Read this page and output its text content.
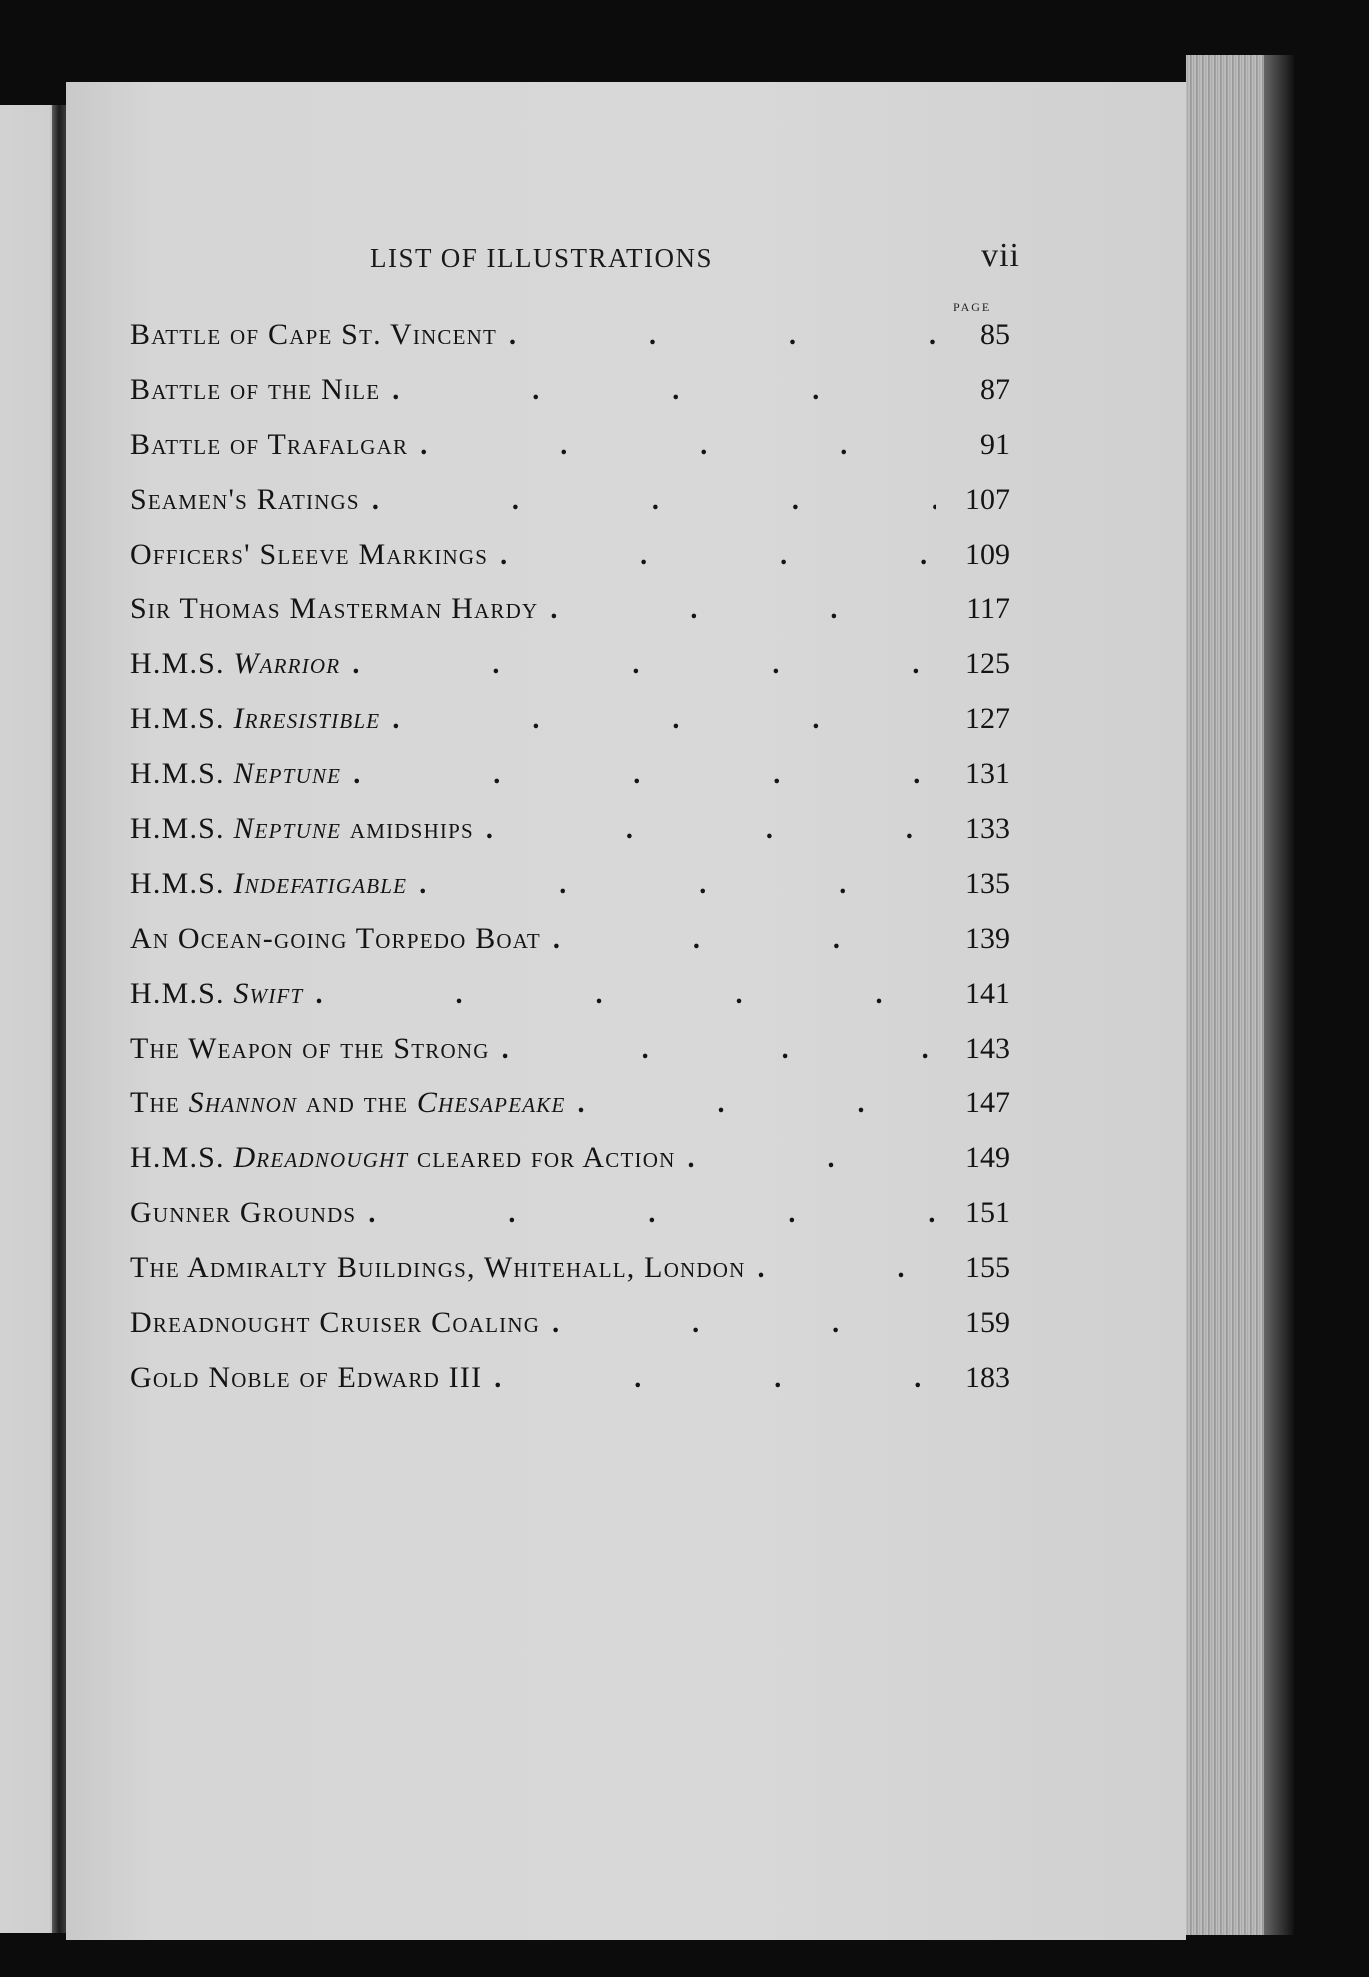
LIST OF ILLUSTRATIONS	vii
PAGE
Battle of Cape St. Vincent .	85
Battle of the Nile .	87
Battle of Trafalgar .	91
Seamen's Ratings .	107
Officers' Sleeve Markings .	109
Sir Thomas Masterman Hardy .	117
H.M.S. Warrior .	125
H.M.S. Irresistible .	127
H.M.S. Neptune .	131
H.M.S. Neptune amidships .	133
H.M.S. Indefatigable .	135
An Ocean-going Torpedo Boat .	139
H.M.S. Swift .	141
The Weapon of the Strong .	143
The Shannon and the Chesapeake .	147
H.M.S. Dreadnought cleared for Action .	149
Gunner Grounds .	151
The Admiralty Buildings, Whitehall, London .	155
Dreadnought Cruiser Coaling .	159
Gold Noble of Edward III .	183
